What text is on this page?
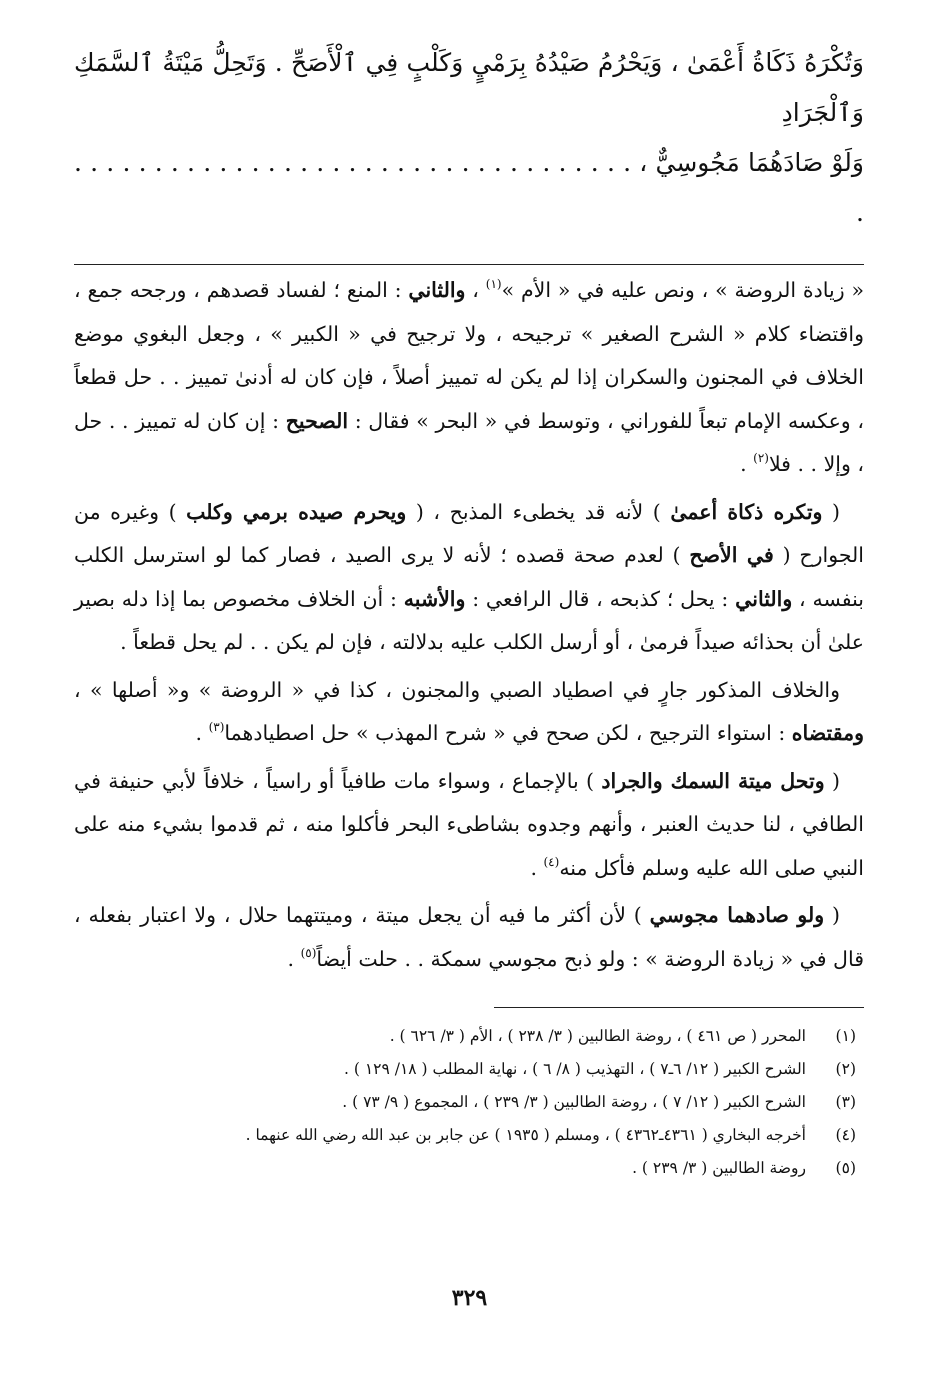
وَتُكْرَهُ ذَكَاةُ أَعْمَىٰ ، وَيَحْرُمُ صَيْدُهُ بِرَمْيٍ وَكَلْبٍ فِي ٱلْأَصَحِّ . وَتَحِلُّ مَيْتَةُ ٱلسَّمَكِ وَٱلْجَرَادِ

وَلَوْ صَادَهُمَا مَجُوسِيٌّ ، . . . . . . . . . . . . . . . . . . . . . . . . . . . . . . . . . . . .

« زيادة الروضة » ، ونص عليه في « الأم »$^{(١)}$ ، والثاني : المنع ؛ لفساد قصدهم ، ورجحه جمع ، واقتضاء كلام « الشرح الصغير » ترجيحه ، ولا ترجيح في « الكبير » ، وجعل البغوي موضع الخلاف في المجنون والسكران إذا لم يكن له تمييز أصلاً ، فإن كان له أدنىٰ تمييز . . حل قطعاً ، وعكسه الإمام تبعاً للفوراني ، وتوسط في « البحر » فقال : الصحيح : إن كان له تمييز . . حل ، وإلا . . فلا$^{(٢)}$ .

( وتكره ذكاة أعمىٰ ) لأنه قد يخطىء المذبح ، ( ويحرم صيده برمي وكلب ) وغيره من الجوارح ( في الأصح ) لعدم صحة قصده ؛ لأنه لا يرى الصيد ، فصار كما لو استرسل الكلب بنفسه ، والثاني : يحل ؛ كذبحه ، قال الرافعي : والأشبه : أن الخلاف مخصوص بما إذا دله بصير علىٰ أن بحذائه صيداً فرمىٰ ، أو أرسل الكلب عليه بدلالته ، فإن لم يكن . . لم يحل قطعاً .

والخلاف المذكور جارٍ في اصطياد الصبي والمجنون ، كذا في « الروضة » و« أصلها » ، ومقتضاه : استواء الترجيح ، لكن صحح في « شرح المهذب » حل اصطيادهما$^{(٣)}$ .

( وتحل ميتة السمك والجراد ) بالإجماع ، وسواء مات طافياً أو راسياً ، خلافاً لأبي حنيفة في الطافي ، لنا حديث العنبر ، وأنهم وجدوه بشاطىء البحر فأكلوا منه ، ثم قدموا بشيء منه على النبي صلى الله عليه وسلم فأكل منه$^{(٤)}$ .

( ولو صادهما مجوسي ) لأن أكثر ما فيه أن يجعل ميتة ، وميتتهما حلال ، ولا اعتبار بفعله ، قال في « زيادة الروضة » : ولو ذبح مجوسي سمكة . . حلت أيضاً$^{(٥)}$ .

(١)
المحرر ( ص ٤٦١ ) ، روضة الطالبين ( ٣/ ٢٣٨ ) ، الأم ( ٣/ ٦٢٦ ) .
(٢)
الشرح الكبير ( ١٢/ ٦ـ٧ ) ، التهذيب ( ٨/ ٦ ) ، نهاية المطلب ( ١٨/ ١٢٩ ) .
(٣)
الشرح الكبير ( ١٢/ ٧ ) ، روضة الطالبين ( ٣/ ٢٣٩ ) ، المجموع ( ٩/ ٧٣ ) .
(٤)
أخرجه البخاري ( ٤٣٦١ـ٤٣٦٢ ) ، ومسلم ( ١٩٣٥ ) عن جابر بن عبد الله رضي الله عنهما .
(٥)
روضة الطالبين ( ٣/ ٢٣٩ ) .
٣٢٩
